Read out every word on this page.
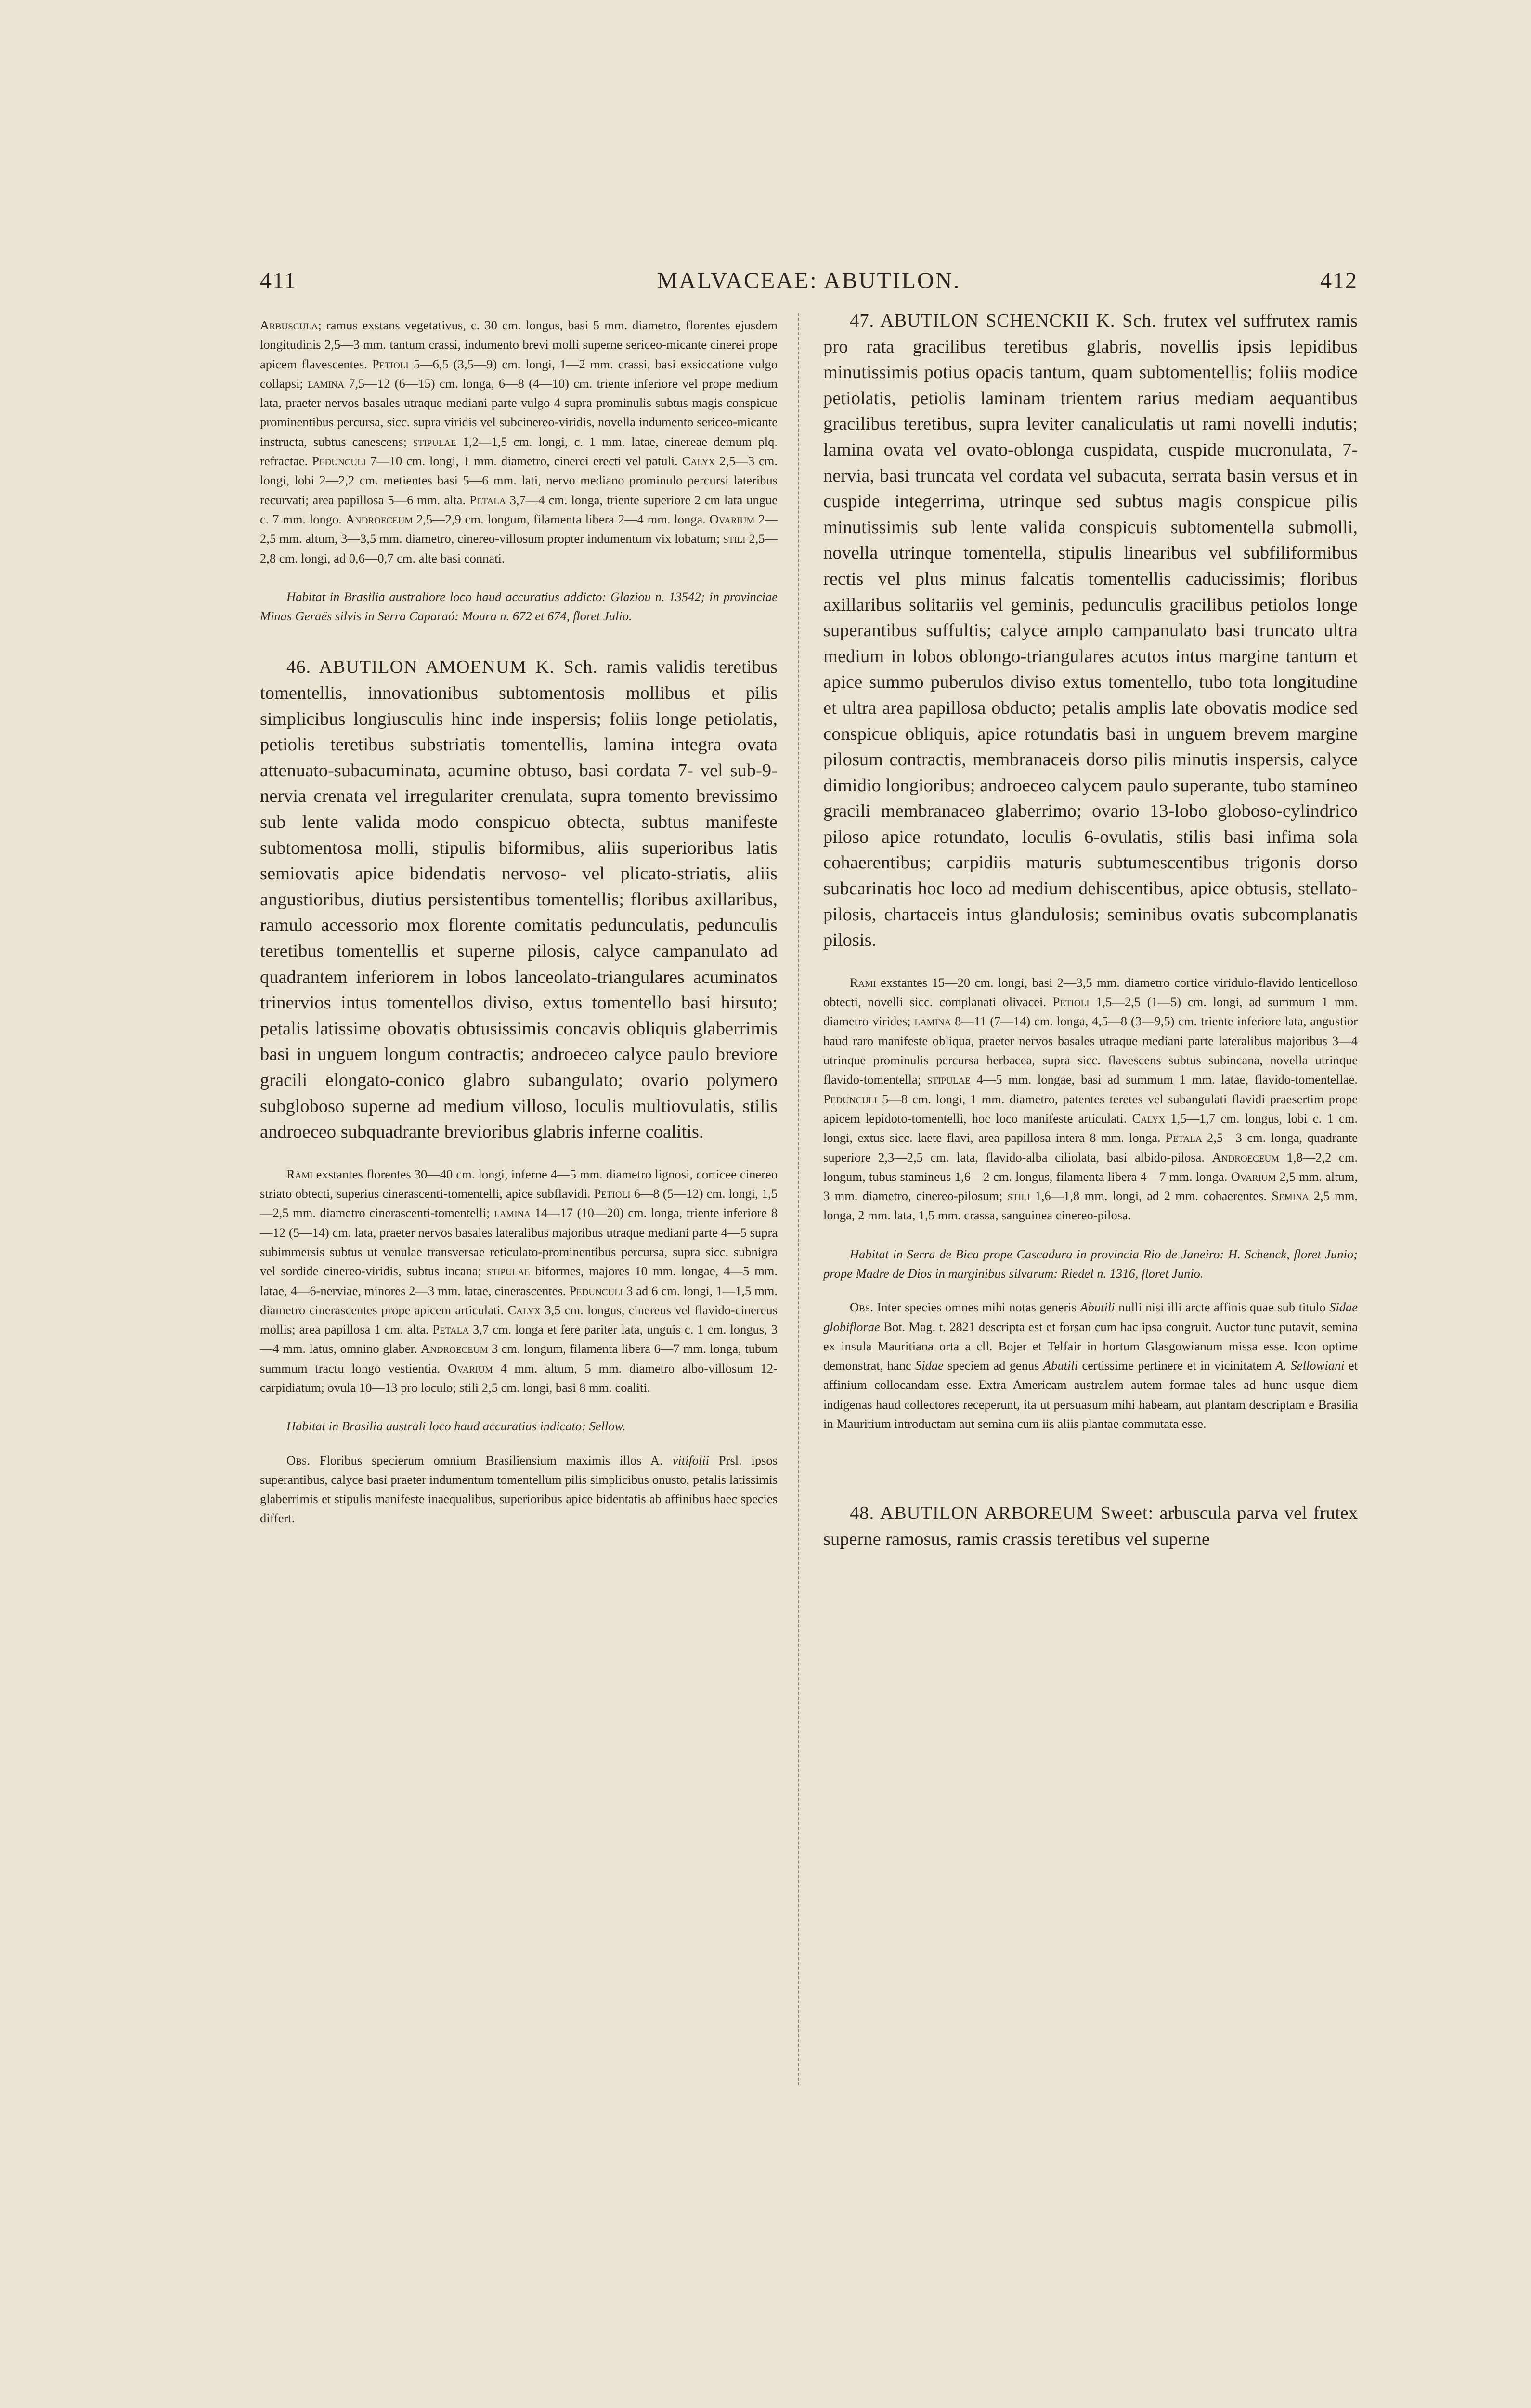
411	MALVACEAE: ABUTILON.	412

Arbuscula; ramus exstans vegetativus, c. 30 cm. longus, basi 5 mm. diametro, florentes ejusdem longitudinis 2,5—3 mm. tantum crassi, indumento brevi molli superne sericeo-micante cinerei prope apicem flavescentes. Petioli 5—6,5 (3,5—9) cm. longi, 1—2 mm. crassi, basi exsiccatione vulgo collapsi; lamina 7,5—12 (6—15) cm. longa, 6—8 (4—10) cm. triente inferiore vel prope medium lata, praeter nervos basales utraque mediani parte vulgo 4 supra prominulis subtus magis conspicue prominentibus percursa, sicc. supra viridis vel subcinereo-viridis, novella indumento sericeo-micante instructa, subtus canescens; stipulae 1,2—1,5 cm. longi, c. 1 mm. latae, cinereae demum plq. refractae. Pedunculi 7—10 cm. longi, 1 mm. diametro, cinerei erecti vel patuli. Calyx 2,5—3 cm. longi, lobi 2—2,2 cm. metientes basi 5—6 mm. lati, nervo mediano prominulo percursi lateribus recurvati; area papillosa 5—6 mm. alta. Petala 3,7—4 cm. longa, triente superiore 2 cm lata ungue c. 7 mm. longo. Androeceum 2,5—2,9 cm. longum, filamenta libera 2—4 mm. longa. Ovarium 2—2,5 mm. altum, 3—3,5 mm. diametro, cinereo-villosum propter indumentum vix lobatum; stili 2,5—2,8 cm. longi, ad 0,6—0,7 cm. alte basi connati.

Habitat in Brasilia australiore loco haud accuratius addicto: Glaziou n. 13542; in provinciae Minas Geraës silvis in Serra Caparaó: Moura n. 672 et 674, floret Julio.

46. ABUTILON AMOENUM K. Sch. ramis validis teretibus tomentellis, innovationibus subtomentosis mollibus et pilis simplicibus longiusculis hinc inde inspersis; foliis longe petiolatis, petiolis teretibus substriatis tomentellis, lamina integra ovata attenuato-subacuminata, acumine obtuso, basi cordata 7- vel sub-9-nervia crenata vel irregulariter crenulata, supra tomento brevissimo sub lente valida modo conspicuo obtecta, subtus manifeste subtomentosa molli, stipulis biformibus, aliis superioribus latis semiovatis apice bidendatis nervoso- vel plicato-striatis, aliis angustioribus, diutius persistentibus tomentellis; floribus axillaribus, ramulo accessorio mox florente comitatis pedunculatis, pedunculis teretibus tomentellis et superne pilosis, calyce campanulato ad quadrantem inferiorem in lobos lanceolato-triangulares acuminatos trinervios intus tomentellos diviso, extus tomentello basi hirsuto; petalis latissime obovatis obtusissimis concavis obliquis glaberrimis basi in unguem longum contractis; androeceo calyce paulo breviore gracili elongato-conico glabro subangulato; ovario polymero subgloboso superne ad medium villoso, loculis multiovulatis, stilis androeceo subquadrante brevioribus glabris inferne coalitis.

Rami exstantes florentes 30—40 cm. longi, inferne 4—5 mm. diametro lignosi, corticee cinereo striato obtecti, superius cinerascenti-tomentelli, apice subflavidi. Petioli 6—8 (5—12) cm. longi, 1,5—2,5 mm. diametro cinerascenti-tomentelli; lamina 14—17 (10—20) cm. longa, triente inferiore 8—12 (5—14) cm. lata, praeter nervos basales lateralibus majoribus utraque mediani parte 4—5 supra subimmersis subtus ut venulae transversae reticulato-prominentibus percursa, supra sicc. subnigra vel sordide cinereo-viridis, subtus incana; stipulae biformes, majores 10 mm. longae, 4—5 mm. latae, 4—6-nerviae, minores 2—3 mm. latae, cinerascentes. Pedunculi 3 ad 6 cm. longi, 1—1,5 mm. diametro cinerascentes prope apicem articulati. Calyx 3,5 cm. longus, cinereus vel flavido-cinereus mollis; area papillosa 1 cm. alta. Petala 3,7 cm. longa et fere pariter lata, unguis c. 1 cm. longus, 3—4 mm. latus, omnino glaber. Androeceum 3 cm. longum, filamenta libera 6—7 mm. longa, tubum summum tractu longo vestientia. Ovarium 4 mm. altum, 5 mm. diametro albo-villosum 12-carpidiatum; ovula 10—13 pro loculo; stili 2,5 cm. longi, basi 8 mm. coaliti.

Habitat in Brasilia australi loco haud accuratius indicato: Sellow.

Obs. Floribus specierum omnium Brasiliensium maximis illos A. vitifolii Prsl. ipsos superantibus, calyce basi praeter indumentum tomentellum pilis simplicibus onusto, petalis latissimis glaberrimis et stipulis manifeste inaequalibus, superioribus apice bidentatis ab affinibus haec species differt.

47. ABUTILON SCHENCKII K. Sch. frutex vel suffrutex ramis pro rata gracilibus teretibus glabris, novellis ipsis lepidibus minutissimis potius opacis tantum, quam subtomentellis; foliis modice petiolatis, petiolis laminam trientem rarius mediam aequantibus gracilibus teretibus, supra leviter canaliculatis ut rami novelli indutis; lamina ovata vel ovato-oblonga cuspidata, cuspide mucronulata, 7-nervia, basi truncata vel cordata vel subacuta, serrata basin versus et in cuspide integerrima, utrinque sed subtus magis conspicue pilis minutissimis sub lente valida conspicuis subtomentella submolli, novella utrinque tomentella, stipulis linearibus vel subfiliformibus rectis vel plus minus falcatis tomentellis caducissimis; floribus axillaribus solitariis vel geminis, pedunculis gracilibus petiolos longe superantibus suffultis; calyce amplo campanulato basi truncato ultra medium in lobos oblongo-triangulares acutos intus margine tantum et apice summo puberulos diviso extus tomentello, tubo tota longitudine et ultra area papillosa obducto; petalis amplis late obovatis modice sed conspicue obliquis, apice rotundatis basi in unguem brevem margine pilosum contractis, membranaceis dorso pilis minutis inspersis, calyce dimidio longioribus; androeceo calycem paulo superante, tubo stamineo gracili membranaceo glaberrimo; ovario 13-lobo globoso-cylindrico piloso apice rotundato, loculis 6-ovulatis, stilis basi infima sola cohaerentibus; carpidiis maturis subtumescentibus trigonis dorso subcarinatis hoc loco ad medium dehiscentibus, apice obtusis, stellato-pilosis, chartaceis intus glandulosis; seminibus ovatis subcomplanatis pilosis.

Rami exstantes 15—20 cm. longi, basi 2—3,5 mm. diametro cortice viridulo-flavido lenticelloso obtecti, novelli sicc. complanati olivacei. Petioli 1,5—2,5 (1—5) cm. longi, ad summum 1 mm. diametro virides; lamina 8—11 (7—14) cm. longa, 4,5—8 (3—9,5) cm. triente inferiore lata, angustior haud raro manifeste obliqua, praeter nervos basales utraque mediani parte lateralibus majoribus 3—4 utrinque prominulis percursa herbacea, supra sicc. flavescens subtus subincana, novella utrinque flavido-tomentella; stipulae 4—5 mm. longae, basi ad summum 1 mm. latae, flavido-tomentellae. Pedunculi 5—8 cm. longi, 1 mm. diametro, patentes teretes vel subangulati flavidi praesertim prope apicem lepidoto-tomentelli, hoc loco manifeste articulati. Calyx 1,5—1,7 cm. longus, lobi c. 1 cm. longi, extus sicc. laete flavi, area papillosa intera 8 mm. longa. Petala 2,5—3 cm. longa, quadrante superiore 2,3—2,5 cm. lata, flavido-alba ciliolata, basi albido-pilosa. Androeceum 1,8—2,2 cm. longum, tubus stamineus 1,6—2 cm. longus, filamenta libera 4—7 mm. longa. Ovarium 2,5 mm. altum, 3 mm. diametro, cinereo-pilosum; stili 1,6—1,8 mm. longi, ad 2 mm. cohaerentes. Semina 2,5 mm. longa, 2 mm. lata, 1,5 mm. crassa, sanguinea cinereo-pilosa.

Habitat in Serra de Bica prope Cascadura in provincia Rio de Janeiro: H. Schenck, floret Junio; prope Madre de Dios in marginibus silvarum: Riedel n. 1316, floret Junio.

Obs. Inter species omnes mihi notas generis Abutili nulli nisi illi arcte affinis quae sub titulo Sidae globiflorae Bot. Mag. t. 2821 descripta est et forsan cum hac ipsa congruit. Auctor tunc putavit, semina ex insula Mauritiana orta a cll. Bojer et Telfair in hortum Glasgowianum missa esse. Icon optime demonstrat, hanc Sidae speciem ad genus Abutili certissime pertinere et in vicinitatem A. Sellowiani et affinium collocandam esse. Extra Americam australem autem formae tales ad hunc usque diem indigenas haud collectores receperunt, ita ut persuasum mihi habeam, aut plantam descriptam e Brasilia in Mauritium introductam aut semina cum iis aliis plantae commutata esse.

48. ABUTILON ARBOREUM Sweet: arbuscula parva vel frutex superne ramosus, ramis crassis teretibus vel superne
